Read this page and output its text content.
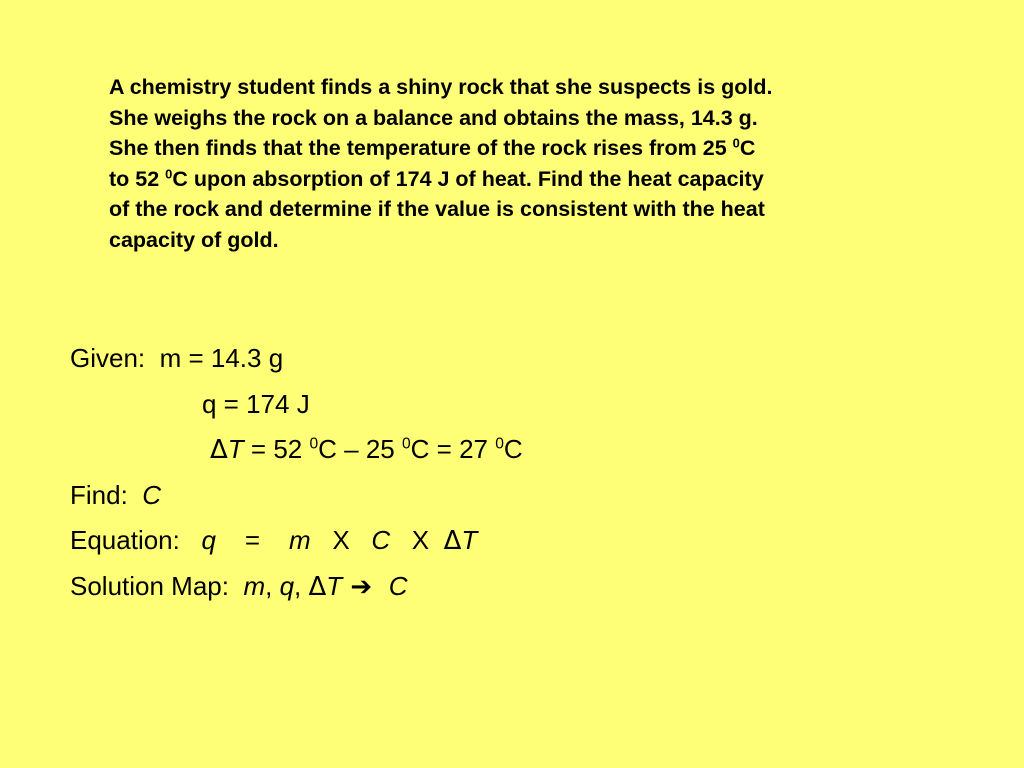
A chemistry student finds a shiny rock that she suspects is gold.
She weighs the rock on a balance and obtains the mass, 14.3 g.
She then finds that the temperature of the rock rises from 25 $^0$C
to 52 $^0$C upon absorption of 174 J of heat. Find the heat capacity
of the rock and determine if the value is consistent with the heat
capacity of gold.
Given:  m = 14.3 g
q = 174 J
ΔT = 52 $^0$C – 25 $^0$C = 27 $^0$C
Find:  C
Equation:   q    =    m   X   C   X  ΔT
Solution Map:  m, q, ΔT ➔  C
